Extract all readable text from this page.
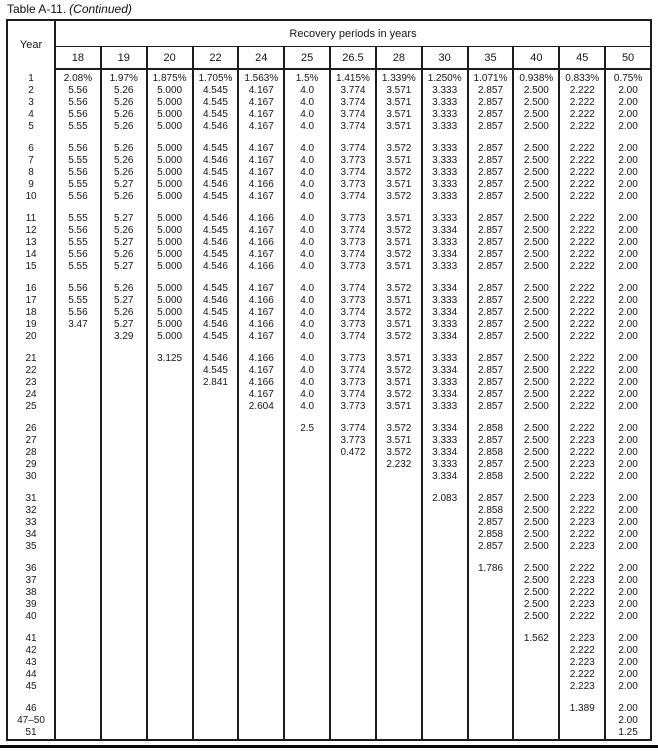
Table A-11. (Continued)
Year	Recovery periods in years												
	18	19	20	22	24	25	26.5	28	30	35	40	45	50
1	2.08%	1.97%	1.875%	1.705%	1.563%	1.5%	1.415%	1.339%	1.250%	1.071%	0.938%	0.833%	0.75%
2	5.56	5.26	5.000	4.545	4.167	4.0	3.774	3.571	3.333	2.857	2.500	2.222	2.00
3	5.56	5.26	5.000	4.545	4.167	4.0	3.774	3.571	3.333	2.857	2.500	2.222	2.00
4	5.56	5.26	5.000	4.545	4.167	4.0	3.774	3.571	3.333	2.857	2.500	2.222	2.00
5	5.55	5.26	5.000	4.546	4.167	4.0	3.774	3.571	3.333	2.857	2.500	2.222	2.00

6	5.56	5.26	5.000	4.545	4.167	4.0	3.774	3.572	3.333	2.857	2.500	2.222	2.00
7	5.55	5.26	5.000	4.546	4.167	4.0	3.773	3.571	3.333	2.857	2.500	2.222	2.00
8	5.56	5.26	5.000	4.545	4.167	4.0	3.774	3.572	3.333	2.857	2.500	2.222	2.00
9	5.55	5.27	5.000	4.546	4.166	4.0	3.773	3.571	3.333	2.857	2.500	2.222	2.00
10	5.56	5.26	5.000	4.545	4.167	4.0	3.774	3.572	3.333	2.857	2.500	2.222	2.00

11	5.55	5.27	5.000	4.546	4.166	4.0	3.773	3.571	3.333	2.857	2.500	2.222	2.00
12	5.56	5.26	5.000	4.545	4.167	4.0	3.774	3.572	3.334	2.857	2.500	2.222	2.00
13	5.55	5.27	5.000	4.546	4.166	4.0	3.773	3.571	3.333	2.857	2.500	2.222	2.00
14	5.56	5.26	5.000	4.545	4.167	4.0	3.774	3.572	3.334	2.857	2.500	2.222	2.00
15	5.55	5.27	5.000	4.546	4.166	4.0	3.773	3.571	3.333	2.857	2.500	2.222	2.00

16	5.56	5.26	5.000	4.545	4.167	4.0	3.774	3.572	3.334	2.857	2.500	2.222	2.00
17	5.55	5.27	5.000	4.546	4.166	4.0	3.773	3.571	3.333	2.857	2.500	2.222	2.00
18	5.56	5.26	5.000	4.545	4.167	4.0	3.774	3.572	3.334	2.857	2.500	2.222	2.00
19	3.47	5.27	5.000	4.546	4.166	4.0	3.773	3.571	3.333	2.857	2.500	2.222	2.00
20		3.29	5.000	4.545	4.167	4.0	3.774	3.572	3.334	2.857	2.500	2.222	2.00

21			3.125	4.546	4.166	4.0	3.773	3.571	3.333	2.857	2.500	2.222	2.00
22				4.545	4.167	4.0	3.774	3.572	3.334	2.857	2.500	2.222	2.00
23				2.841	4.166	4.0	3.773	3.571	3.333	2.857	2.500	2.222	2.00
24					4.167	4.0	3.774	3.572	3.334	2.857	2.500	2.222	2.00
25					2.604	4.0	3.773	3.571	3.333	2.857	2.500	2.222	2.00

26						2.5	3.774	3.572	3.334	2.858	2.500	2.222	2.00
27							3.773	3.571	3.333	2.857	2.500	2.223	2.00
28							0.472	3.572	3.334	2.858	2.500	2.222	2.00
29								2.232	3.333	2.857	2.500	2.223	2.00
30									3.334	2.858	2.500	2.222	2.00

31									2.083	2.857	2.500	2.223	2.00
32										2.858	2.500	2.222	2.00
33										2.857	2.500	2.223	2.00
34										2.858	2.500	2.222	2.00
35										2.857	2.500	2.223	2.00

36										1.786	2.500	2.222	2.00
37											2.500	2.223	2.00
38											2.500	2.222	2.00
39											2.500	2.223	2.00
40											2.500	2.222	2.00

41											1.562	2.223	2.00
42												2.222	2.00
43												2.223	2.00
44												2.222	2.00
45												2.223	2.00

46												1.389	2.00
47–50													2.00
51													1.25
